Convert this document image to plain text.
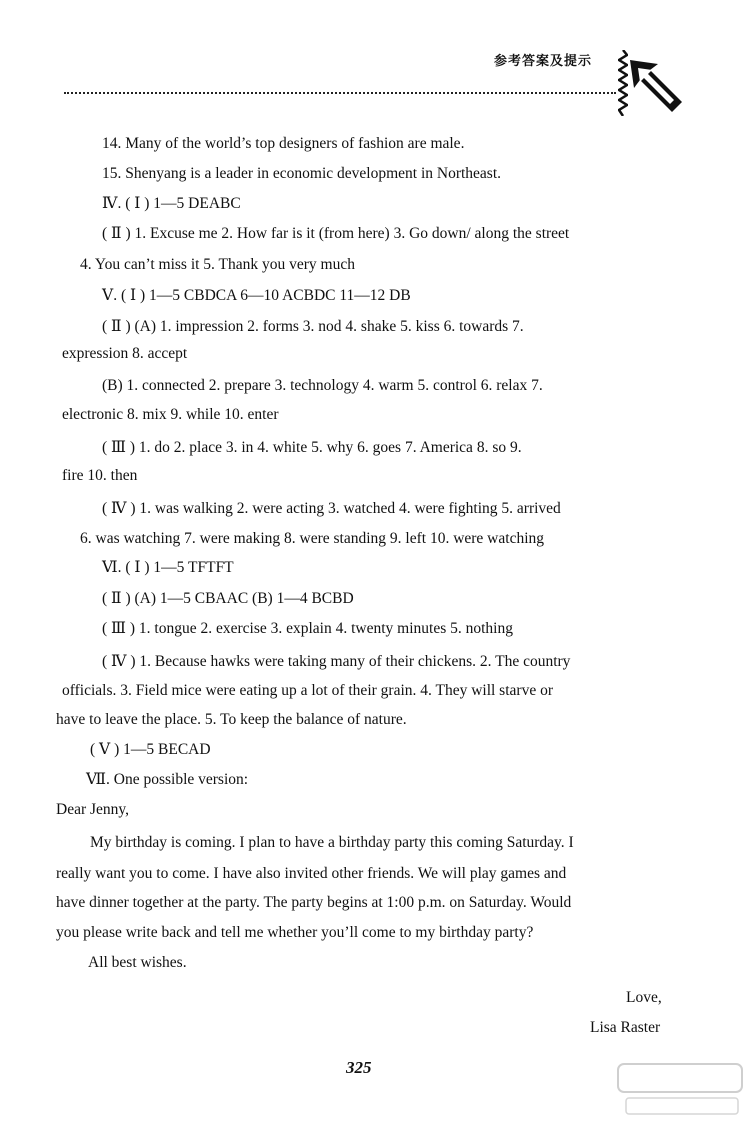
参考答案及提示
14. Many of the world’s top designers of fashion are male.
15. Shenyang is a leader in economic development in Northeast.
Ⅳ. ( Ⅰ ) 1—5 DEABC
( Ⅱ ) 1. Excuse me 2. How far is it (from here) 3. Go down/ along the street
4. You can’t miss it 5. Thank you very much
Ⅴ. ( Ⅰ ) 1—5 CBDCA 6—10 ACBDC 11—12 DB
( Ⅱ ) (A) 1. impression 2. forms 3. nod 4. shake 5. kiss 6. towards 7.
expression 8. accept
(B) 1. connected 2. prepare 3. technology 4. warm 5. control 6. relax 7.
electronic 8. mix 9. while 10. enter
( Ⅲ ) 1. do 2. place 3. in 4. white 5. why 6. goes 7. America 8. so 9.
fire 10. then
( Ⅳ ) 1. was walking 2. were acting 3. watched 4. were fighting 5. arrived
6. was watching 7. were making 8. were standing 9. left 10. were watching
Ⅵ. ( Ⅰ ) 1—5 TFTFT
( Ⅱ ) (A) 1—5 CBAAC (B) 1—4 BCBD
( Ⅲ ) 1. tongue 2. exercise 3. explain 4. twenty minutes 5. nothing
( Ⅳ ) 1. Because hawks were taking many of their chickens. 2. The country
officials. 3. Field mice were eating up a lot of their grain. 4. They will starve or
have to leave the place. 5. To keep the balance of nature.
( Ⅴ ) 1—5 BECAD
Ⅶ. One possible version:
Dear Jenny,
My birthday is coming. I plan to have a birthday party this coming Saturday. I
really want you to come. I have also invited other friends. We will play games and
have dinner together at the party. The party begins at 1:00 p.m. on Saturday. Would
you please write back and tell me whether you’ll come to my birthday party?
All best wishes.
Love,
Lisa Raster
325
